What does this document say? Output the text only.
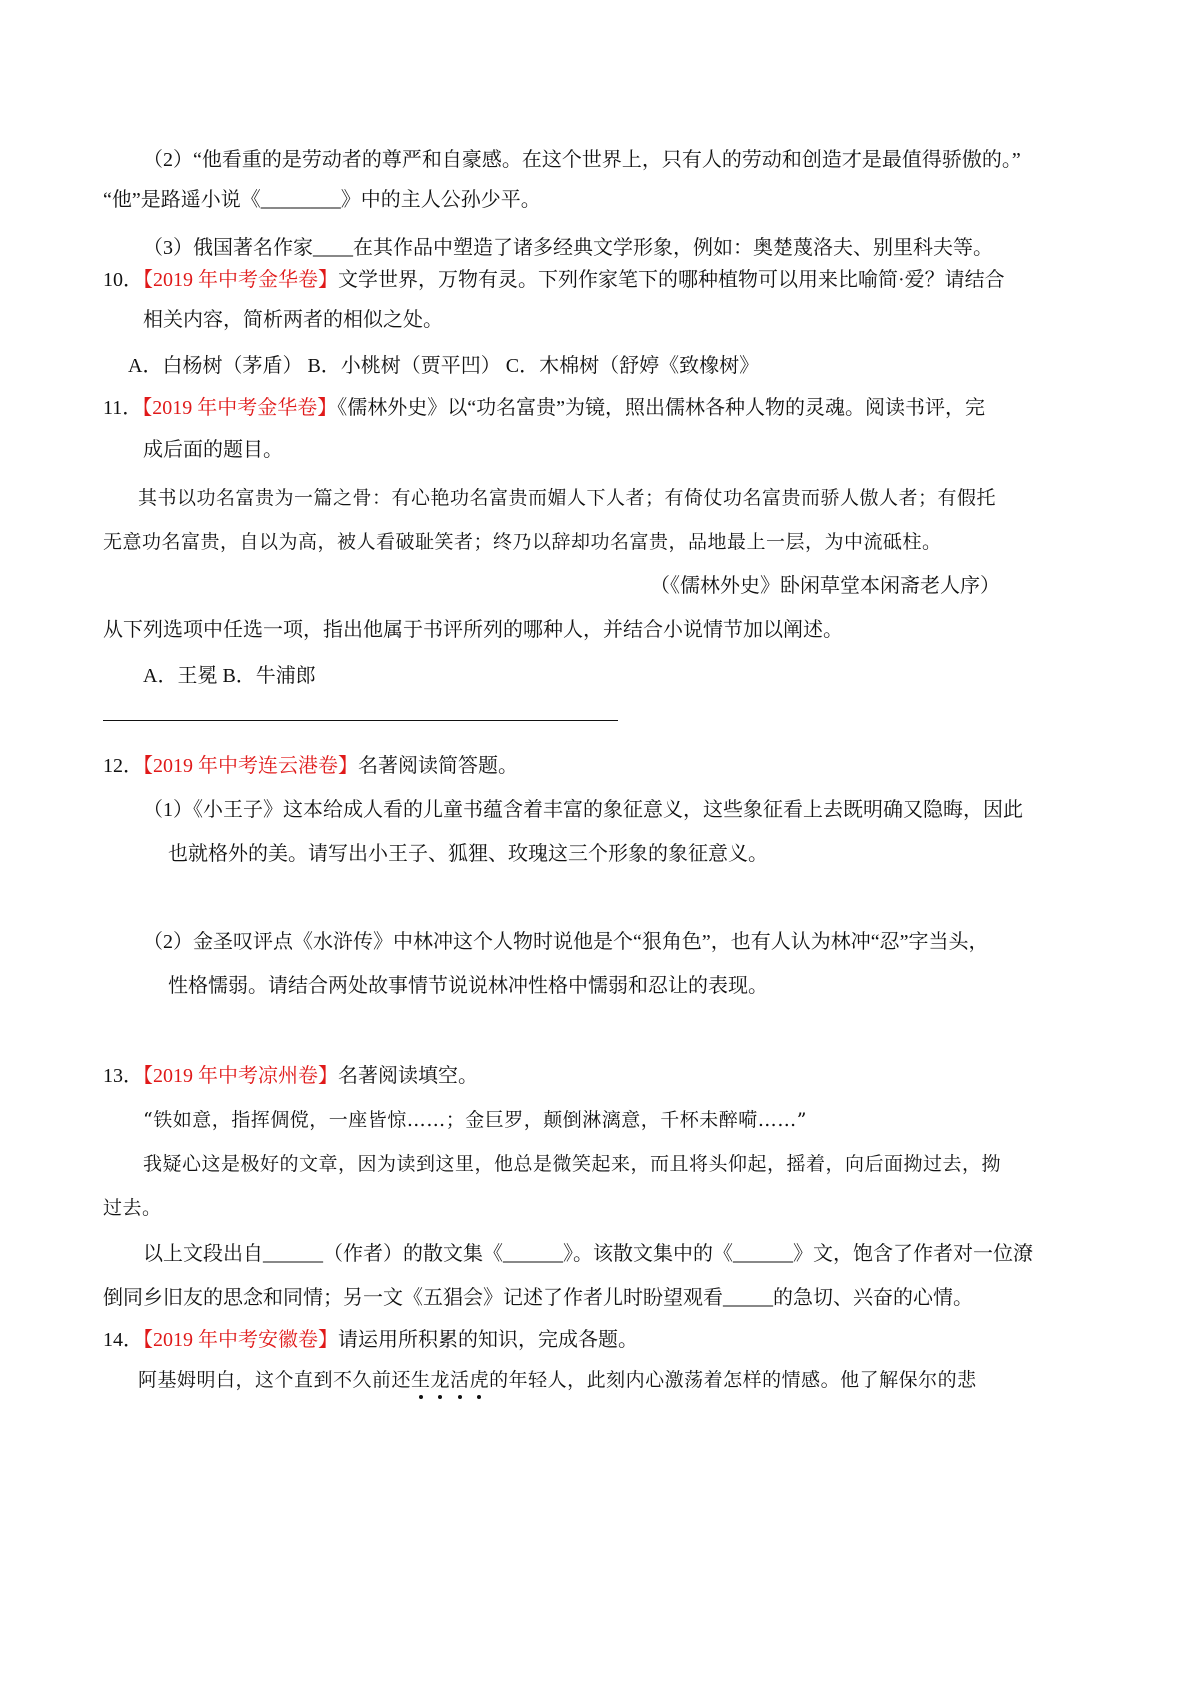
（2）“他看重的是劳动者的尊严和自豪感。在这个世界上，只有人的劳动和创造才是最值得骄傲的。”
“他”是路遥小说《________》中的主人公孙少平。
（3）俄国著名作家____在其作品中塑造了诸多经典文学形象，例如：奥楚蔑洛夫、别里科夫等。
10．【2019 年中考金华卷】文学世界，万物有灵。下列作家笔下的哪种植物可以用来比喻简·爱？请结合
相关内容，简析两者的相似之处。
A．白杨树（茅盾） B．小桃树（贾平凹） C．木棉树（舒婷《致橡树》
11．【2019 年中考金华卷】《儒林外史》以“功名富贵”为镜，照出儒林各种人物的灵魂。阅读书评，完
成后面的题目。
其书以功名富贵为一篇之骨：有心艳功名富贵而媚人下人者；有倚仗功名富贵而骄人傲人者；有假托
无意功名富贵，自以为高，被人看破耻笑者；终乃以辞却功名富贵，品地最上一层，为中流砥柱。
（《儒林外史》卧闲草堂本闲斋老人序）
从下列选项中任选一项，指出他属于书评所列的哪种人，并结合小说情节加以阐述。
A．王冕 B．牛浦郎
12．【2019 年中考连云港卷】名著阅读简答题。
（1）《小王子》这本给成人看的儿童书蕴含着丰富的象征意义，这些象征看上去既明确又隐晦，因此
也就格外的美。请写出小王子、狐狸、玫瑰这三个形象的象征意义。
（2）金圣叹评点《水浒传》中林冲这个人物时说他是个“狠角色”，也有人认为林冲“忍”字当头，
性格懦弱。请结合两处故事情节说说林冲性格中懦弱和忍让的表现。
13．【2019 年中考凉州卷】名著阅读填空。
“铁如意，指挥倜傥，一座皆惊……；金巨罗，颠倒淋漓意，千杯未醉嗬……”
我疑心这是极好的文章，因为读到这里，他总是微笑起来，而且将头仰起，摇着，向后面拗过去，拗
过去。
以上文段出自______（作者）的散文集《______》。该散文集中的《______》文，饱含了作者对一位潦
倒同乡旧友的思念和同情；另一文《五猖会》记述了作者儿时盼望观看_____的急切、兴奋的心情。
14．【2019 年中考安徽卷】请运用所积累的知识，完成各题。
阿基姆明白，这个直到不久前还生龙活虎的年轻人，此刻内心激荡着怎样的情感。他了解保尔的悲
